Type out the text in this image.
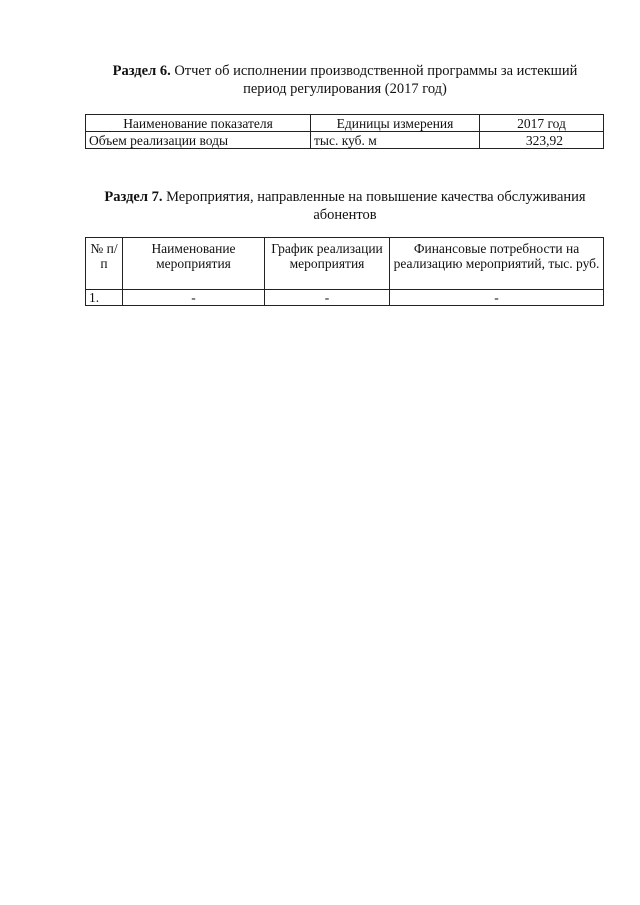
Раздел 6. Отчет об исполнении производственной программы за истекший период регулирования (2017 год)
Наименование показателя	Единицы измерения	2017 год
Объем реализации воды	тыс. куб. м	323,92
Раздел 7. Мероприятия, направленные на повышение качества обслуживания абонентов
№ п/п	Наименование мероприятия	График реализации мероприятия	Финансовые потребности на реализацию мероприятий, тыс. руб.
1.	-	-	-
